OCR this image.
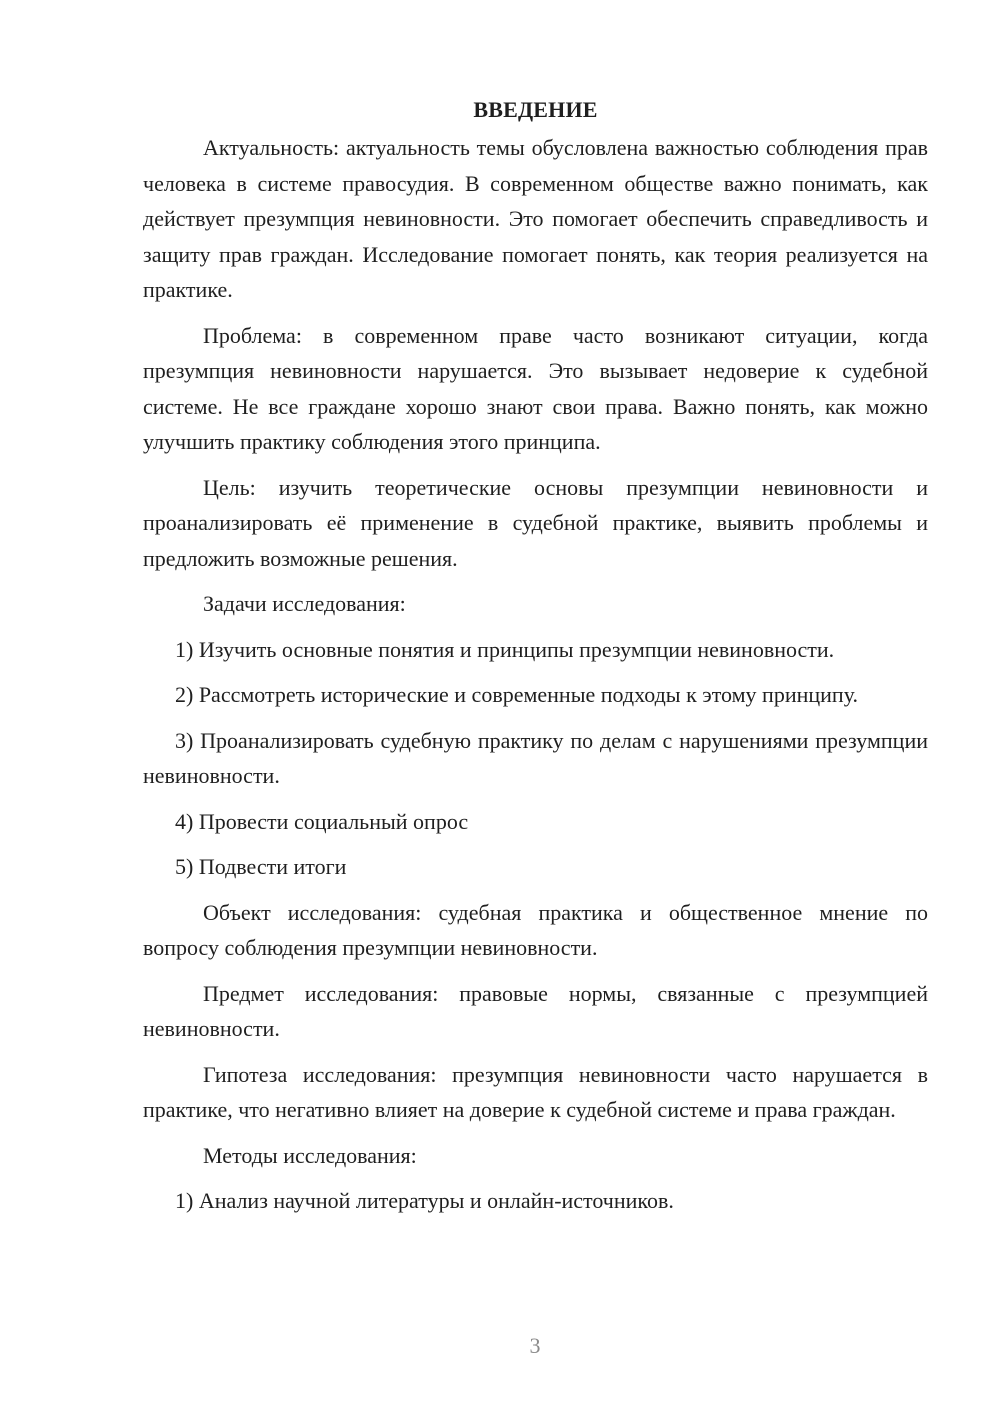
ВВЕДЕНИЕ

Актуальность: актуальность темы обусловлена важностью соблюдения прав человека в системе правосудия. В современном обществе важно понимать, как действует презумпция невиновности. Это помогает обеспечить справедливость и защиту прав граждан. Исследование помогает понять, как теория реализуется на практике.

Проблема: в современном праве часто возникают ситуации, когда презумпция невиновности нарушается. Это вызывает недоверие к судебной системе. Не все граждане хорошо знают свои права. Важно понять, как можно улучшить практику соблюдения этого принципа.

Цель: изучить теоретические основы презумпции невиновности и проанализировать её применение в судебной практике, выявить проблемы и предложить возможные решения.

Задачи исследования:

1) Изучить основные понятия и принципы презумпции невиновности.

2) Рассмотреть исторические и современные подходы к этому принципу.

3) Проанализировать судебную практику по делам с нарушениями презумпции невиновности.

4) Провести социальный опрос

5) Подвести итоги

Объект исследования: судебная практика и общественное мнение по вопросу соблюдения презумпции невиновности.

Предмет исследования: правовые нормы, связанные с презумпцией невиновности.

Гипотеза исследования: презумпция невиновности часто нарушается в практике, что негативно влияет на доверие к судебной системе и права граждан.

Методы исследования:

1) Анализ научной литературы и онлайн-источников.

3
